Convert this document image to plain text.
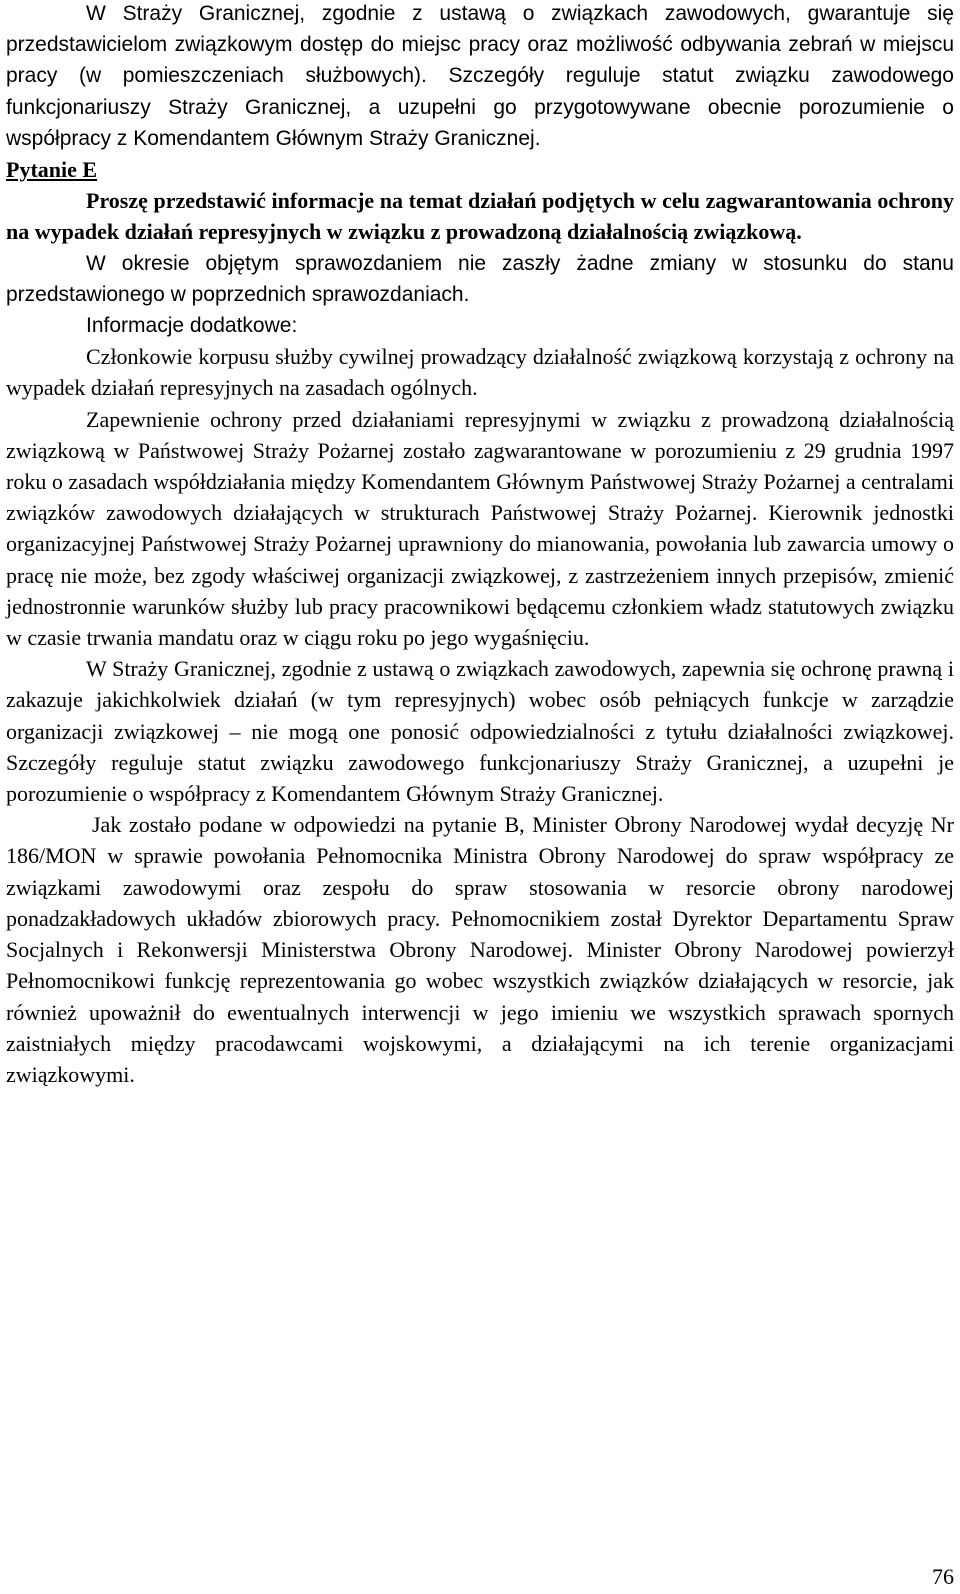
W Straży Granicznej, zgodnie z ustawą o związkach zawodowych, gwarantuje się przedstawicielom związkowym dostęp do miejsc pracy oraz możliwość odbywania zebrań w miejscu pracy (w pomieszczeniach służbowych). Szczegóły reguluje statut związku zawodowego funkcjonariuszy Straży Granicznej, a uzupełni go przygotowywane obecnie porozumienie o współpracy z Komendantem Głównym Straży Granicznej.

Pytanie E

Proszę przedstawić informacje na temat działań podjętych w celu zagwarantowania ochrony na wypadek działań represyjnych w związku z prowadzoną działalnością związkową.

W okresie objętym sprawozdaniem nie zaszły żadne zmiany w stosunku do stanu przedstawionego w poprzednich sprawozdaniach.

Informacje dodatkowe:

Członkowie korpusu służby cywilnej prowadzący działalność związkową korzystają z ochrony na wypadek działań represyjnych na zasadach ogólnych.

Zapewnienie ochrony przed działaniami represyjnymi w związku z prowadzoną działalnością związkową w Państwowej Straży Pożarnej zostało zagwarantowane w porozumieniu z 29 grudnia 1997 roku o zasadach współdziałania między Komendantem Głównym Państwowej Straży Pożarnej a centralami związków zawodowych działających w strukturach Państwowej Straży Pożarnej. Kierownik jednostki organizacyjnej Państwowej Straży Pożarnej uprawniony do mianowania, powołania lub zawarcia umowy o pracę nie może, bez zgody właściwej organizacji związkowej, z zastrzeżeniem innych przepisów, zmienić jednostronnie warunków służby lub pracy pracownikowi będącemu członkiem władz statutowych związku w czasie trwania mandatu oraz w ciągu roku po jego wygaśnięciu.

W Straży Granicznej, zgodnie z ustawą o związkach zawodowych, zapewnia się ochronę prawną i zakazuje jakichkolwiek działań (w tym represyjnych) wobec osób pełniących funkcje w zarządzie organizacji związkowej – nie mogą one ponosić odpowiedzialności z tytułu działalności związkowej. Szczegóły reguluje statut związku zawodowego funkcjonariuszy Straży Granicznej, a uzupełni je porozumienie o współpracy z Komendantem Głównym Straży Granicznej.

Jak zostało podane w odpowiedzi na pytanie B, Minister Obrony Narodowej wydał decyzję Nr 186/MON w sprawie powołania Pełnomocnika Ministra Obrony Narodowej do spraw współpracy ze związkami zawodowymi oraz zespołu do spraw stosowania w resorcie obrony narodowej ponadzakładowych układów zbiorowych pracy. Pełnomocnikiem został Dyrektor Departamentu Spraw Socjalnych i Rekonwersji Ministerstwa Obrony Narodowej. Minister Obrony Narodowej powierzył Pełnomocnikowi funkcję reprezentowania go wobec wszystkich związków działających w resorcie, jak również upoważnił do ewentualnych interwencji w jego imieniu we wszystkich sprawach spornych zaistniałych między pracodawcami wojskowymi, a działającymi na ich terenie organizacjami związkowymi.

76
